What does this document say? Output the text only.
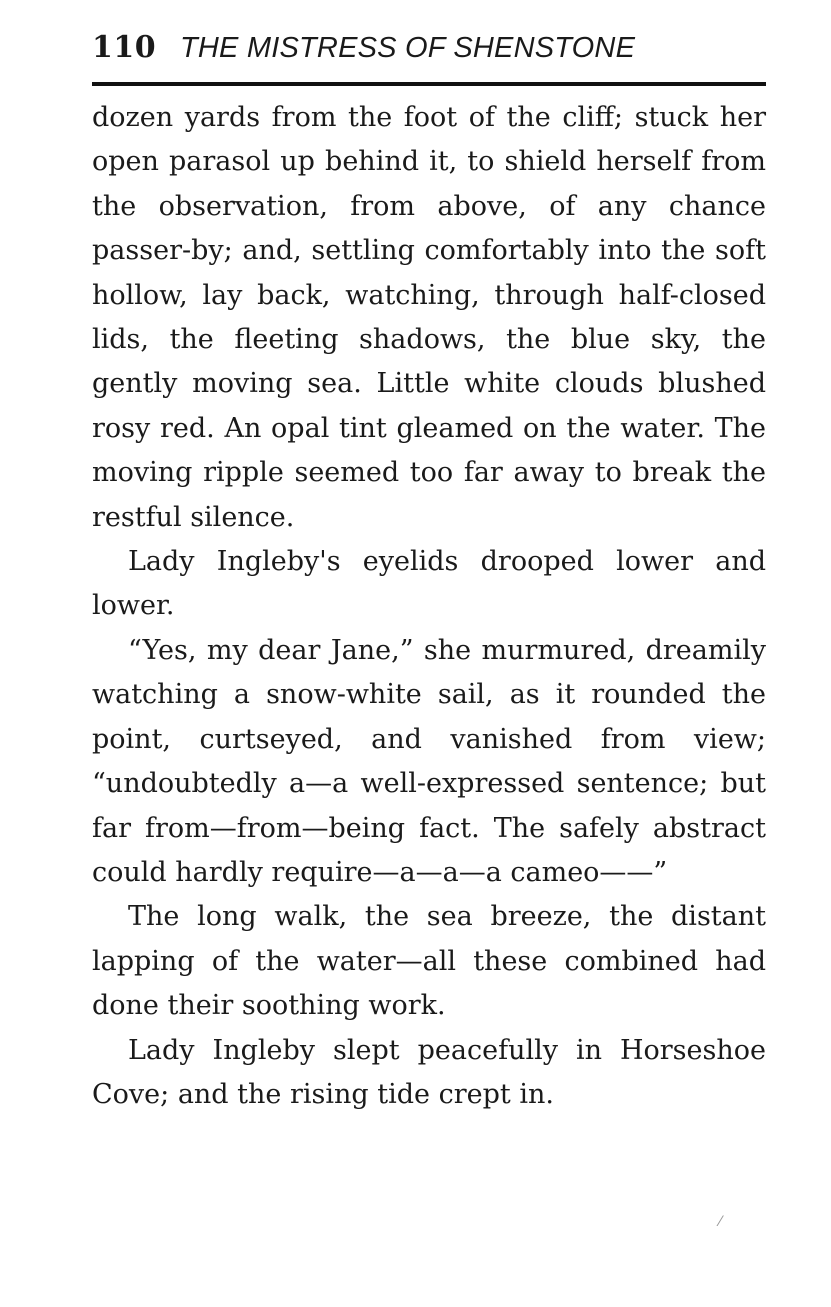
110 THE MISTRESS OF SHENSTONE

dozen yards from the foot of the cliff; stuck her open parasol up behind it, to shield herself from the observation, from above, of any chance passer-by; and, settling comfortably into the soft hollow, lay back, watching, through half-closed lids, the fleeting shadows, the blue sky, the gently moving sea. Little white clouds blushed rosy red. An opal tint gleamed on the water. The moving ripple seemed too far away to break the restful silence.

Lady Ingleby's eyelids drooped lower and lower.

“Yes, my dear Jane,” she murmured, dreamily watching a snow-white sail, as it rounded the point, curtseyed, and vanished from view; “undoubtedly a—a well-expressed sentence; but far from—from—being fact. The safely abstract could hardly require—a—a—a cameo——”

The long walk, the sea breeze, the distant lapping of the water—all these combined had done their soothing work.

Lady Ingleby slept peacefully in Horseshoe Cove; and the rising tide crept in.

⁄
